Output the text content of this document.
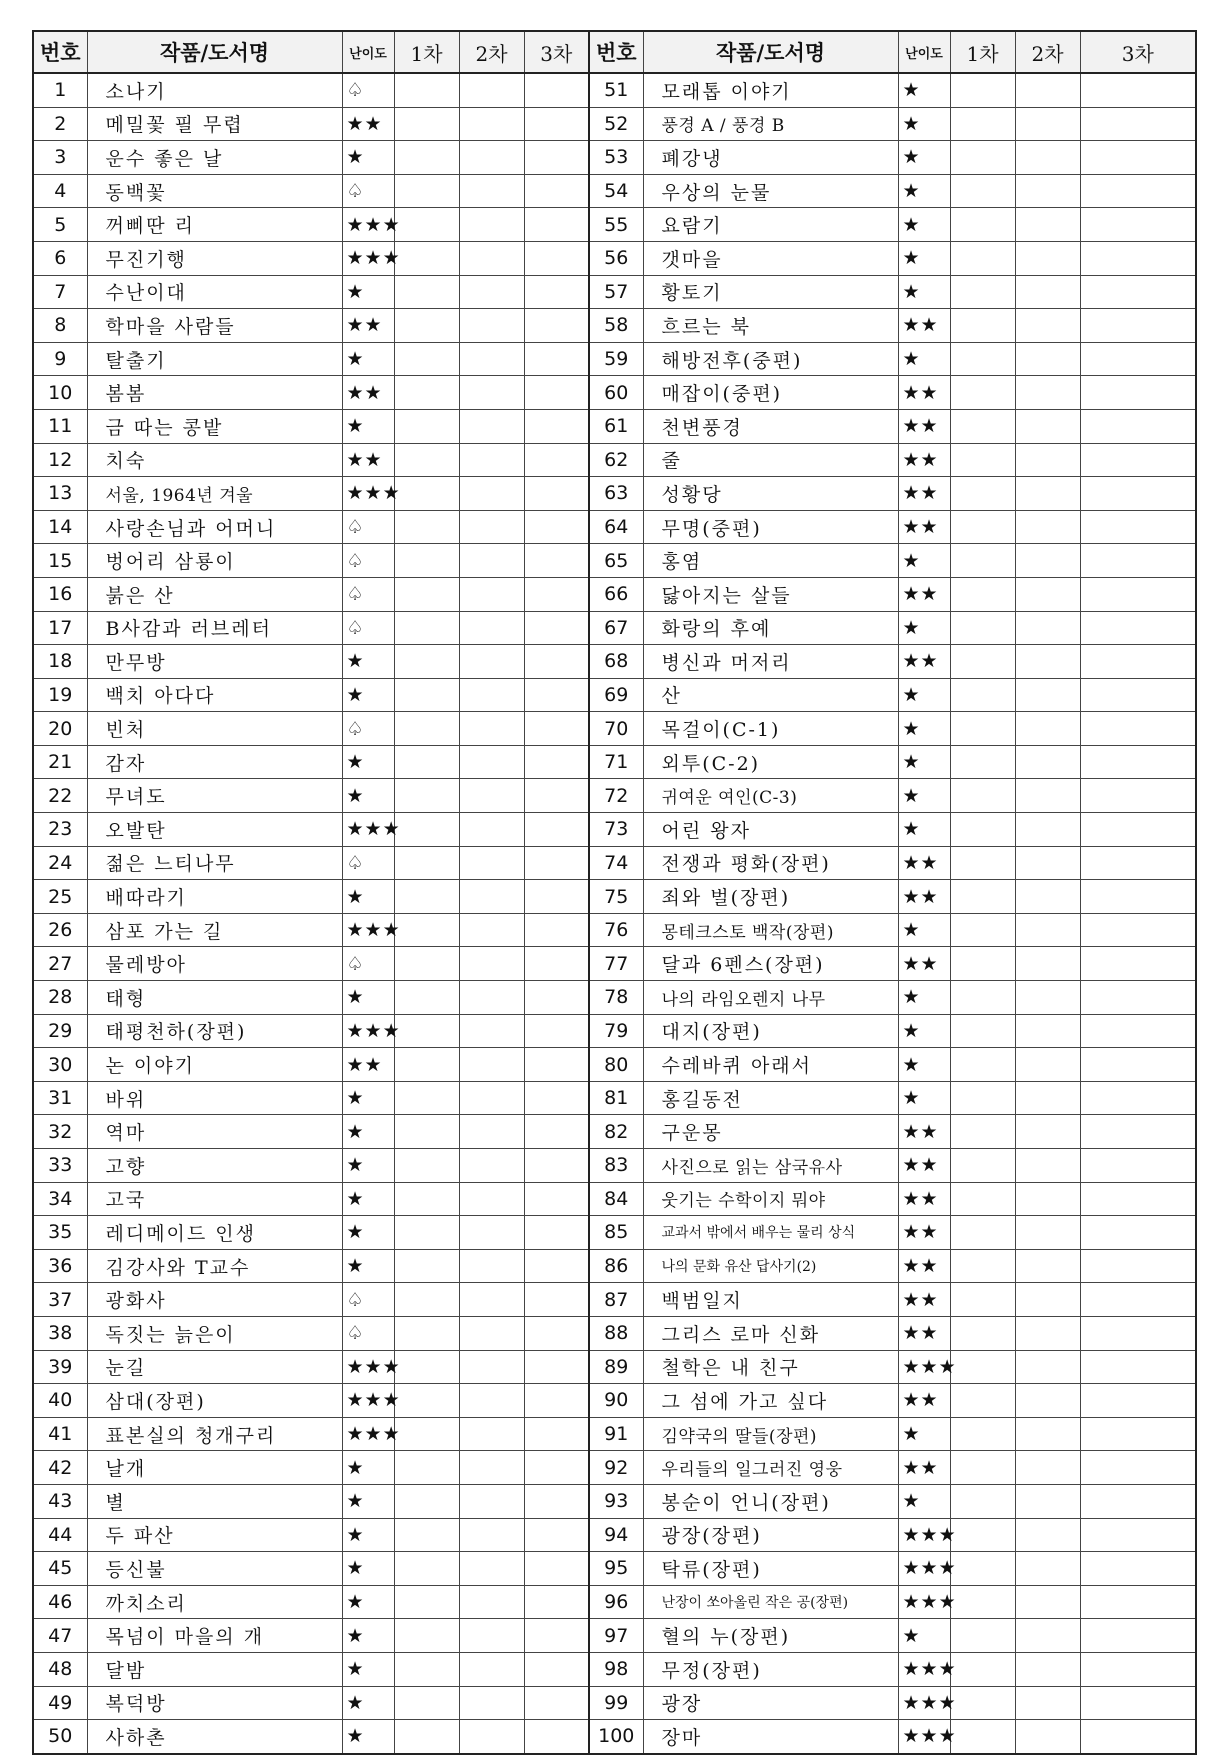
번호	작품/도서명	난이도	1차	2차	3차	번호	작품/도서명	난이도	1차	2차	3차
1	소나기	♤				51	모래톱 이야기	★			
2	메밀꽃 필 무렵	★★				52	풍경 A / 풍경 B	★			
3	운수 좋은 날	★				53	폐강냉	★			
4	동백꽃	♤				54	우상의 눈물	★			
5	꺼삐딴 리	★★★				55	요람기	★			
6	무진기행	★★★				56	갯마을	★			
7	수난이대	★				57	황토기	★			
8	학마을 사람들	★★				58	흐르는 북	★★			
9	탈출기	★				59	해방전후(중편)	★			
10	봄봄	★★				60	매잡이(중편)	★★			
11	금 따는 콩밭	★				61	천변풍경	★★			
12	치숙	★★				62	줄	★★			
13	서울, 1964년 겨울	★★★				63	성황당	★★			
14	사랑손님과 어머니	♤				64	무명(중편)	★★			
15	벙어리 삼룡이	♤				65	홍염	★			
16	붉은 산	♤				66	닳아지는 살들	★★			
17	B사감과 러브레터	♤				67	화랑의 후예	★			
18	만무방	★				68	병신과 머저리	★★			
19	백치 아다다	★				69	산	★			
20	빈처	♤				70	목걸이(C-1)	★			
21	감자	★				71	외투(C-2)	★			
22	무녀도	★				72	귀여운 여인(C-3)	★			
23	오발탄	★★★				73	어린 왕자	★			
24	젊은 느티나무	♤				74	전쟁과 평화(장편)	★★			
25	배따라기	★				75	죄와 벌(장편)	★★			
26	삼포 가는 길	★★★				76	몽테크스토 백작(장편)	★			
27	물레방아	♤				77	달과 6펜스(장편)	★★			
28	태형	★				78	나의 라임오렌지 나무	★			
29	태평천하(장편)	★★★				79	대지(장편)	★			
30	논 이야기	★★				80	수레바퀴 아래서	★			
31	바위	★				81	홍길동전	★			
32	역마	★				82	구운몽	★★			
33	고향	★				83	사진으로 읽는 삼국유사	★★			
34	고국	★				84	웃기는 수학이지 뭐야	★★			
35	레디메이드 인생	★				85	교과서 밖에서 배우는 물리 상식	★★			
36	김강사와 T교수	★				86	나의 문화 유산 답사기(2)	★★			
37	광화사	♤				87	백범일지	★★			
38	독짓는 늙은이	♤				88	그리스 로마 신화	★★			
39	눈길	★★★				89	철학은 내 친구	★★★			
40	삼대(장편)	★★★				90	그 섬에 가고 싶다	★★			
41	표본실의 청개구리	★★★				91	김약국의 딸들(장편)	★			
42	날개	★				92	우리들의 일그러진 영웅	★★			
43	별	★				93	봉순이 언니(장편)	★			
44	두 파산	★				94	광장(장편)	★★★			
45	등신불	★				95	탁류(장편)	★★★			
46	까치소리	★				96	난장이 쏘아올린 작은 공(장편)	★★★			
47	목넘이 마을의 개	★				97	혈의 누(장편)	★			
48	달밤	★				98	무정(장편)	★★★			
49	복덕방	★				99	광장	★★★			
50	사하촌	★				100	장마	★★★			
